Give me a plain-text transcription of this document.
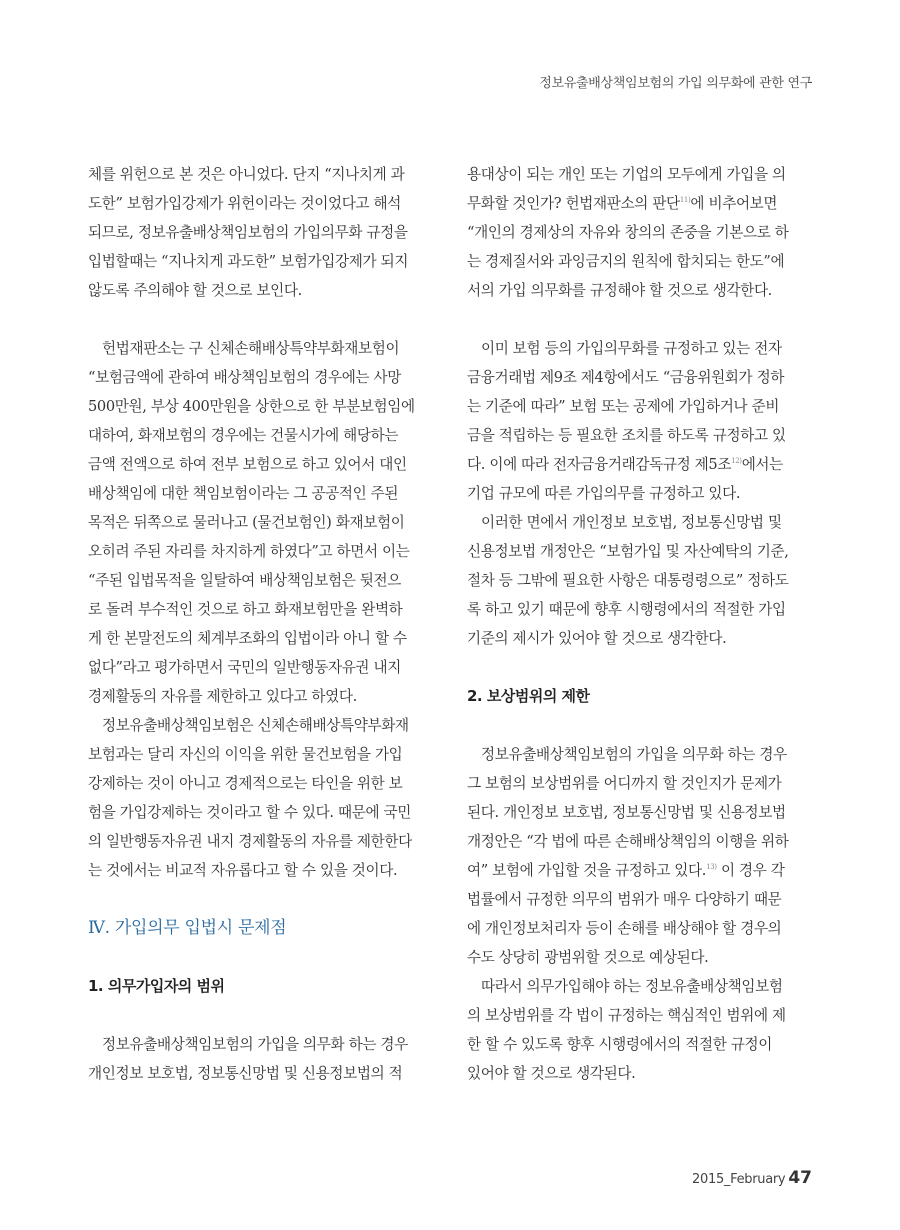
정보유출배상책임보험의 가입 의무화에 관한 연구
체를 위헌으로 본 것은 아니었다. 단지 “지나치게 과
도한” 보험가입강제가 위헌이라는 것이었다고 해석
되므로, 정보유출배상책임보험의 가입의무화 규정을
입법할때는 “지나치게 과도한” 보험가입강제가 되지
않도록 주의해야 할 것으로 보인다.
헌법재판소는 구 신체손해배상특약부화재보험이
“보험금액에 관하여 배상책임보험의 경우에는 사망
500만원, 부상 400만원을 상한으로 한 부분보험임에
대하여, 화재보험의 경우에는 건물시가에 해당하는
금액 전액으로 하여 전부 보험으로 하고 있어서 대인
배상책임에 대한 책임보험이라는 그 공공적인 주된
목적은 뒤쪽으로 물러나고 (물건보험인) 화재보험이
오히려 주된 자리를 차지하게 하였다”고 하면서 이는
“주된 입법목적을 일탈하여 배상책임보험은 뒷전으
로 돌려 부수적인 것으로 하고 화재보험만을 완벽하
게 한 본말전도의 체계부조화의 입법이라 아니 할 수
없다”라고 평가하면서 국민의 일반행동자유권 내지
경제활동의 자유를 제한하고 있다고 하였다.
정보유출배상책임보험은 신체손해배상특약부화재
보험과는 달리 자신의 이익을 위한 물건보험을 가입
강제하는 것이 아니고 경제적으로는 타인을 위한 보
험을 가입강제하는 것이라고 할 수 있다. 때문에 국민
의 일반행동자유권 내지 경제활동의 자유를 제한한다
는 것에서는 비교적 자유롭다고 할 수 있을 것이다.
Ⅳ. 가입의무 입법시 문제점
1. 의무가입자의 범위
정보유출배상책임보험의 가입을 의무화 하는 경우
개인정보 보호법, 정보통신망법 및 신용정보법의 적
용대상이 되는 개인 또는 기업의 모두에게 가입을 의
무화할 것인가? 헌법재판소의 판단$^{11)}$에 비추어보면
“개인의 경제상의 자유와 창의의 존중을 기본으로 하
는 경제질서와 과잉금지의 원칙에 합치되는 한도”에
서의 가입 의무화를 규정해야 할 것으로 생각한다.
이미 보험 등의 가입의무화를 규정하고 있는 전자
금융거래법 제9조 제4항에서도 “금융위원회가 정하
는 기준에 따라” 보험 또는 공제에 가입하거나 준비
금을 적립하는 등 필요한 조치를 하도록 규정하고 있
다. 이에 따라 전자금융거래감독규정 제5조$^{12)}$에서는
기업 규모에 따른 가입의무를 규정하고 있다.
이러한 면에서 개인정보 보호법, 정보통신망법 및
신용정보법 개정안은 “보험가입 및 자산예탁의 기준,
절차 등 그밖에 필요한 사항은 대통령령으로” 정하도
록 하고 있기 때문에 향후 시행령에서의 적절한 가입
기준의 제시가 있어야 할 것으로 생각한다.
2. 보상범위의 제한
정보유출배상책임보험의 가입을 의무화 하는 경우
그 보험의 보상범위를 어디까지 할 것인지가 문제가
된다. 개인정보 보호법, 정보통신망법 및 신용정보법
개정안은 “각 법에 따른 손해배상책임의 이행을 위하
여” 보험에 가입할 것을 규정하고 있다.$^{13)}$ 이 경우 각
법률에서 규정한 의무의 범위가 매우 다양하기 때문
에 개인정보처리자 등이 손해를 배상해야 할 경우의
수도 상당히 광범위할 것으로 예상된다.
따라서 의무가입해야 하는 정보유출배상책임보험
의 보상범위를 각 법이 규정하는 핵심적인 범위에 제
한 할 수 있도록 향후 시행령에서의 적절한 규정이
있어야 할 것으로 생각된다.
2015_February 47
